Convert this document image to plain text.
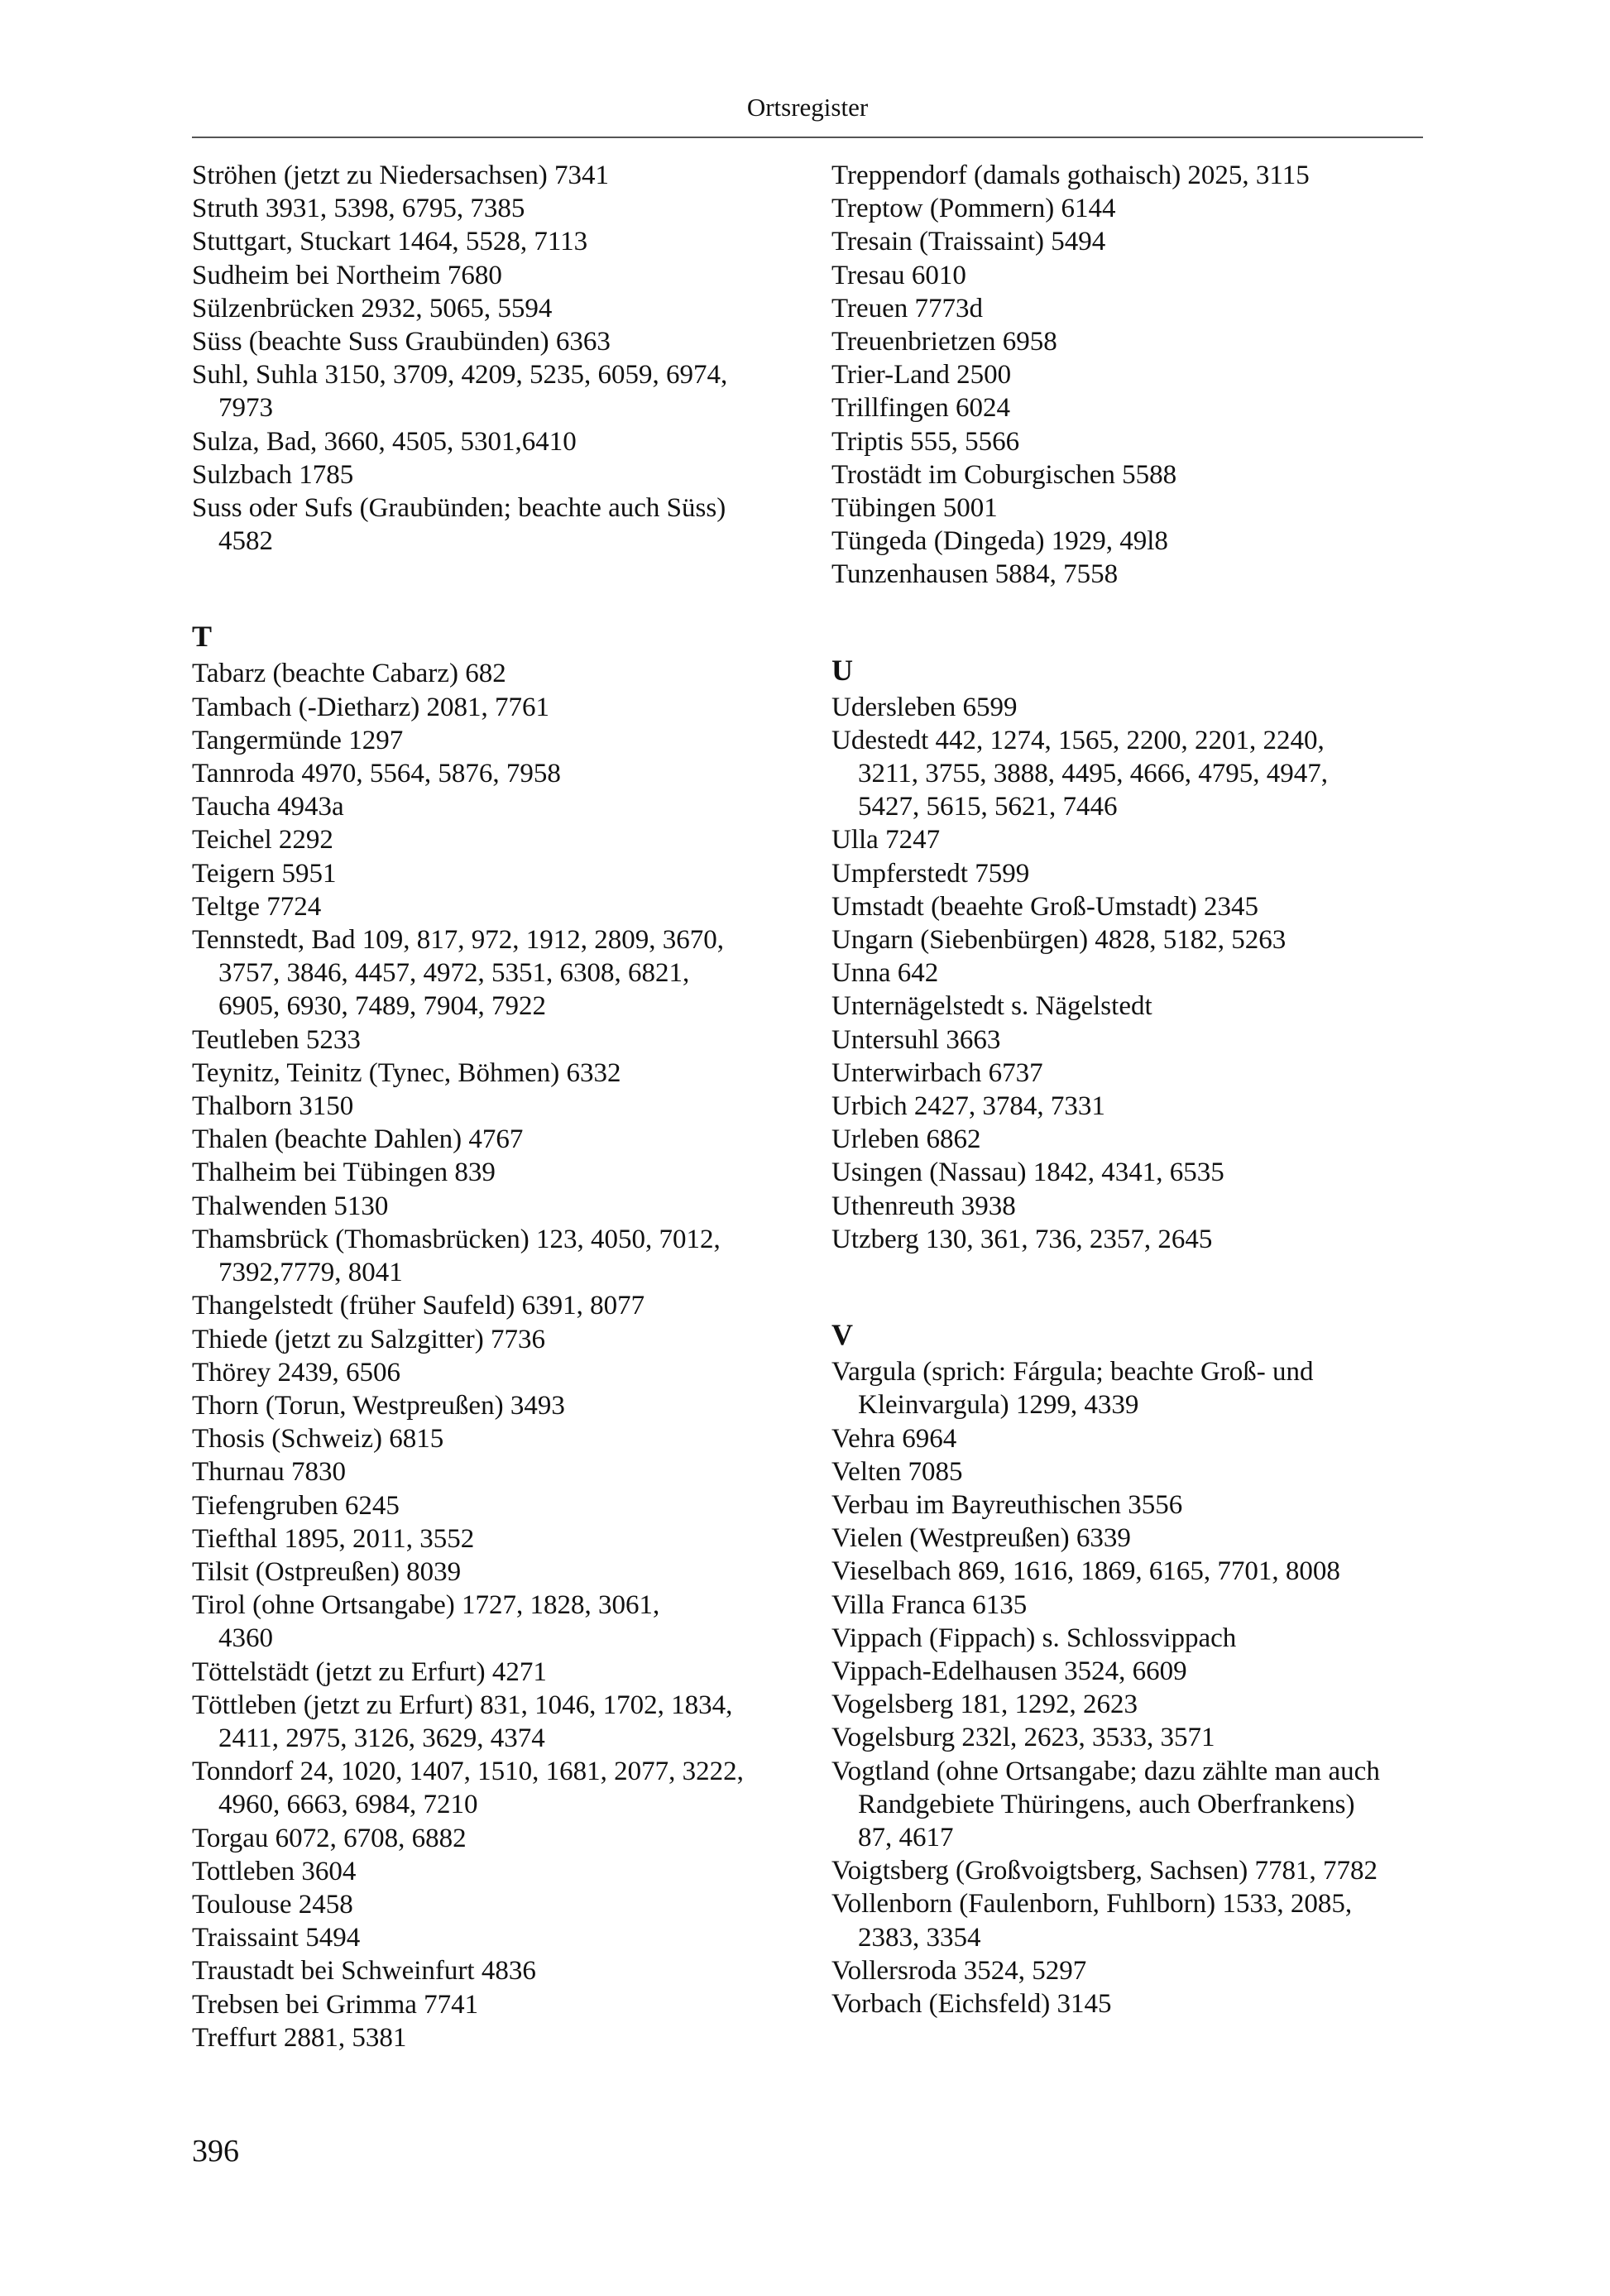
Ortsregister
Ströhen (jetzt zu Niedersachsen) 7341
Struth 3931, 5398, 6795, 7385
Stuttgart, Stuckart 1464, 5528, 7113
Sudheim bei Northeim 7680
Sülzenbrücken 2932, 5065, 5594
Süss (beachte Suss Graubünden) 6363
Suhl, Suhla 3150, 3709, 4209, 5235, 6059, 6974,
7973
Sulza, Bad, 3660, 4505, 5301,6410
Sulzbach 1785
Suss oder Sufs (Graubünden; beachte auch Süss)
4582
T
Tabarz (beachte Cabarz) 682
Tambach (-Dietharz) 2081, 7761
Tangermünde 1297
Tannroda 4970, 5564, 5876, 7958
Taucha 4943a
Teichel 2292
Teigern 5951
Teltge 7724
Tennstedt, Bad 109, 817, 972, 1912, 2809, 3670,
3757, 3846, 4457, 4972, 5351, 6308, 6821,
6905, 6930, 7489, 7904, 7922
Teutleben 5233
Teynitz, Teinitz (Tynec, Böhmen) 6332
Thalborn 3150
Thalen (beachte Dahlen) 4767
Thalheim bei Tübingen 839
Thalwenden 5130
Thamsbrück (Thomasbrücken) 123, 4050, 7012,
7392,7779, 8041
Thangelstedt (früher Saufeld) 6391, 8077
Thiede (jetzt zu Salzgitter) 7736
Thörey 2439, 6506
Thorn (Torun, Westpreußen) 3493
Thosis (Schweiz) 6815
Thurnau 7830
Tiefengruben 6245
Tiefthal 1895, 2011, 3552
Tilsit (Ostpreußen) 8039
Tirol (ohne Ortsangabe) 1727, 1828, 3061,
4360
Töttelstädt (jetzt zu Erfurt) 4271
Töttleben (jetzt zu Erfurt) 831, 1046, 1702, 1834,
2411, 2975, 3126, 3629, 4374
Tonndorf 24, 1020, 1407, 1510, 1681, 2077, 3222,
4960, 6663, 6984, 7210
Torgau 6072, 6708, 6882
Tottleben 3604
Toulouse 2458
Traissaint 5494
Traustadt bei Schweinfurt 4836
Trebsen bei Grimma 7741
Treffurt 2881, 5381
Treppendorf (damals gothaisch) 2025, 3115
Treptow (Pommern) 6144
Tresain (Traissaint) 5494
Tresau 6010
Treuen 7773d
Treuenbrietzen 6958
Trier-Land 2500
Trillfingen 6024
Triptis 555, 5566
Trostädt im Coburgischen 5588
Tübingen 5001
Tüngeda (Dingeda) 1929, 49l8
Tunzenhausen 5884, 7558
U
Udersleben 6599
Udestedt 442, 1274, 1565, 2200, 2201, 2240,
3211, 3755, 3888, 4495, 4666, 4795, 4947,
5427, 5615, 5621, 7446
Ulla 7247
Umpferstedt 7599
Umstadt (beaehte Groß-Umstadt) 2345
Ungarn (Siebenbürgen) 4828, 5182, 5263
Unna 642
Unternägelstedt s. Nägelstedt
Untersuhl 3663
Unterwirbach 6737
Urbich 2427, 3784, 7331
Urleben 6862
Usingen (Nassau) 1842, 4341, 6535
Uthenreuth 3938
Utzberg 130, 361, 736, 2357, 2645
V
Vargula (sprich: Fárgula; beachte Groß- und
Kleinvargula) 1299, 4339
Vehra 6964
Velten 7085
Verbau im Bayreuthischen 3556
Vielen (Westpreußen) 6339
Vieselbach 869, 1616, 1869, 6165, 7701, 8008
Villa Franca 6135
Vippach (Fippach) s. Schlossvippach
Vippach-Edelhausen 3524, 6609
Vogelsberg 181, 1292, 2623
Vogelsburg 232l, 2623, 3533, 3571
Vogtland (ohne Ortsangabe; dazu zählte man auch
Randgebiete Thüringens, auch Oberfrankens)
87, 4617
Voigtsberg (Großvoigtsberg, Sachsen) 7781, 7782
Vollenborn (Faulenborn, Fuhlborn) 1533, 2085,
2383, 3354
Vollersroda 3524, 5297
Vorbach (Eichsfeld) 3145
396
